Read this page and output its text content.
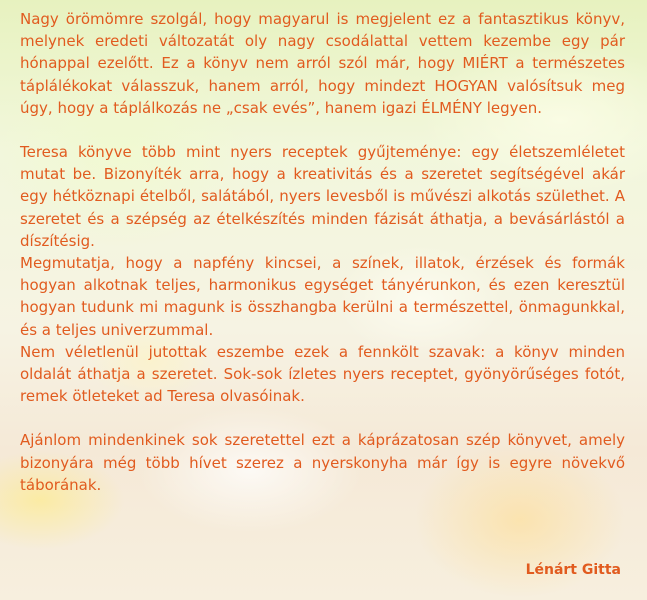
Nagy örömömre szolgál, hogy magyarul is megjelent ez a fantasztikus könyv, melynek eredeti változatát oly nagy csodálattal vettem kezembe egy pár hónappal ezelőtt. Ez a könyv nem arról szól már, hogy MIÉRT a természetes táplálékokat válasszuk, hanem arról, hogy mindezt HOGYAN valósítsuk meg úgy, hogy a táplálkozás ne „csak evés”, hanem igazi ÉLMÉNY legyen.

Teresa könyve több mint nyers receptek gyűjteménye: egy életszemléletet mutat be. Bizonyíték arra, hogy a kreativitás és a szeretet segítségével akár egy hétköznapi ételből, salátából, nyers levesből is művészi alkotás születhet. A szeretet és a szépség az ételkészítés minden fázisát áthatja, a bevásárlástól a díszítésig.

Megmutatja, hogy a napfény kincsei, a színek, illatok, érzések és formák hogyan alkotnak teljes, harmonikus egységet tányérunkon, és ezen keresztül hogyan tudunk mi magunk is összhangba kerülni a természettel, önmagunkkal, és a teljes univerzummal.

Nem véletlenül jutottak eszembe ezek a fennkölt szavak: a könyv minden oldalát áthatja a szeretet. Sok-sok ízletes nyers receptet, gyönyörűséges fotót, remek ötleteket ad Teresa olvasóinak.

Ajánlom mindenkinek sok szeretettel ezt a káprázatosan szép könyvet, amely bizonyára még több hívet szerez a nyerskonyha már így is egyre növekvő táborának.

Lénárt Gitta
